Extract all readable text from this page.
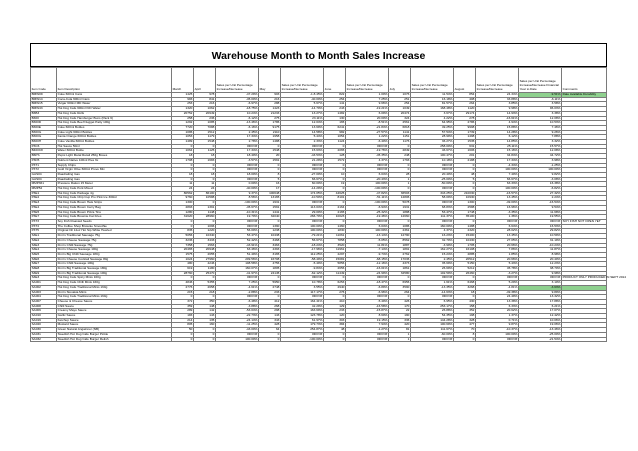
Warehouse Month to Month Sales Increase
Item Code	Item Description	March	April	Sales per Unit Percentage Increase/Decrease	May	Sales per Unit Percentage Increase/Decrease	June	Sales per Unit Percentage Increase/Decrease	July	Sales per Unit Percentage Increase/Decrease	August	Sales per Unit Percentage Increase/Decrease	Sales per Unit Percentage Increase/Decrease Financial Year to Date	Comments
BMW09	Coke 600ml Cans	1425	978	-47.29%	903	-1.8.45%	822	1.00%	1076	11.54%	854	24.34%	-9.51%	Date Available Durability
BMW14	Coca-Cola 600ml Cans	983	841	-45.00%	216	-40.00%	254	7.25%	251	16.18%	408	33.88%	-6.11%	
BMW15	Vulgar 600ml MD Water	253	216	-6.97%	288	5.67%	141	9.66%	254	81.57%	264	3.85%	3.58%	
BMW43	Hot Dog Cafe 600ml KID Water	1320	1062	-18.75%	1423	-14.70%	243	-19.21%	1049	168.48%	1120	9.98%	96.03%	
B3B3	Hot Dog Cafe Rolls	20752	20949	10.24%	21233	13.27%	1482	6.09%	20474	3.67%	29174	14.93%	3.38%	
B300	Hot Dog Cafe Hamburger Buns (Pack 6)	258	236	-6.12%	275	23.11%	130	20.00%	324	4.22%	278	-16.61%	12.08%	
B300D	Hot Dog Cafe Beef Nugget Patty 100g	1292	1085	-13.46%	1786	12.04%	165	-8.51%	2561	64.95%	2786	4.94%	10.53%	
B300E	Coke 600ml Bottles	7720	7088	-6.16%	9175	13.69%	6241	-21.84%	6818	49.25%	9998	15.88%	7.46%	
B300G	Coke Light 600ml Bottles	1086	1512	2.45%	2110	14.58%	982	-27.57%	1141	57.54%	1739	14.28%	9.26%	
B300G	Fanta Orange 600ml Bottles	1053	1179	17.34%	1958	5.44%	1054	1.22%	1151	28.99%	1498	6.12%	7.88%	
B300H	Coke Vanilla 600ml Bottles	1489	1548	2.78%	1488	2.33%	1124	-6.40%	1176	36.27%	1535	14.85%	3.32%	
P3C6	Hot Sauce 50ml	0	0	#DIV/0!	0	#DIV/0!	0	#DIV/0!	0	258.00%	631	25.11%	15.57%	
B400C8	Water 600ml Bottle	1064	1125	17.34%	1548	15.63%	2065	-19.76%	2849	46.67%	1606	15.16%	12.08%	
B6PS	Pepsi Light Metal Retail 250g Boxes	18	18	18.40%	20	-43.53%	128	-45.35%	248	100.47%	201	34.84%	44.72%	
P3D5	Nutrient Native 100ml Pies 6x	1708	1683	-3.57%	1591	21.29%	1572	4.37%	1793	10.18%	2188	17.34%	3.98%	
P3T1	Supply Chips	0	0	#DIV/0!	0	#DIV/0!	0	#DIV/0!	0	#DIV/0!	0	-4.34%	-1.25%	
P3T2	Gold Virgin Olive 600ml Prove Mix	0	0	#DIV/0!	0	#DIV/0!	0	#DIV/0!	0	#DIV/0!	0	100.00%	100.00%	
GAS04	Roadrailing Gas	18	18	18.00%	8	-27.00%	10	6.04%	28	20.40%	48	7.40%	9.82%	
GAS04	Roadrailing Gas	0	0	#DIV/0!	5	66.67%	0	-20.43%	1	-25.00%	5	66.67%	-3.08%	
MMP361	Pressure Ration 15 Meter	11	11	0.00%	16	60.00%	19	100.00%	1	-50.00%	0	63.33%	16.38%	
MMP52	Hot Dog Cafe Pork Mixed	24	24	-40.00%	17	-14.29%	0	-100.00%	0	#DIV/0!	0	100.00%	-6.82%	
P3E1	Hot Dog Cafe Package 4g	80562	86100	9.37%	100648	174.05%	44625	-47.82%	36503	343.25%	210030	-16.57%	27.32%	
P3E2	Hot Dog Cafe Chip Cup Pro Pink Ice 300ml	9760	10588	8.56%	13165	-10.50%	8101	-51.11%	12806	58.09%	10930	13.45%	2.24%	
P3E3	Hot Dog Cafe Brown Hats Strips	1300	0	-100.00%	1931	#DIV/0!	0	-100.00%	5078	#DIV/0!	1300	-49.00%	-16.54%	
P3E4	Hot Dog Cafe Brown Carry Bag	2893	1391	-45.67%	1591	113.04%	2164	-6.94%	1931	68.83%	2588	16.96%	9.54%	
P3E5	Hot Dog Cafe Brown Pizza Tins	1280	1148	-10.31%	1441	29.00%	2165	-25.32%	1888	53.47%	1748	-3.35%	11.68%	
P3E7	Hot Dog Cafe Brownie Fat Fries	31620	28960	19.70%	32040	266.70%	10023	-19.46%	12660	111.37%	35100	1.36%	19.55%	
P3T3	Soy Fish Roasted Seeds	0	0	#DIV/0!	0	#DIV/0!	0	#DIV/0!	0	#DIV/0!	0	#DIV/0!	#DIV/0!	SOY FISH NOT OPEN YET
P3T4	The Coffee Shop Brownie Smoothie	0	1096	#DIV/0!	1390	100.00%	1460	6.04%	1086	160.00%	1488	6.64%	16.53%	
P3T5	Original Oil 12oz Hot Sip White Hewled	835	1220	56.00%	1238	100.00%	1830	100.00%	2361	4.37%	2320	28.02%	29.82%	
S3E1	Finn's Traditional Sausage 75g	5056	10340	53.47%	10438	-79.21%	11061	-13.14%	12790	16.23%	15400	13.45%	10.59%	
S3E2	Finn's Cheese Sausage 75g	3236	3433	52.42%	3468	56.67%	7858	-5.05%	8562	32.70%	10430	27.05%	31.19%	
S3E3	Finn's Chilli Sausage 75g	7358	1563	-43.91%	3463	-18.24%	3520	11.81%	1887	-3.99%	1705	20.66%	-10.24%	
S3E4	Finn's Cheese Sausage 100g	20465	20948	63.46%	4393	-17.96%	11961	-7.14%	1891	162.27%	16108	7.86%	11.87%	
S3E5	Finn's Big Chilli Sausage 180g	1575	2655	51.49%	3165	112.25%	2297	-9.74%	2762	15.24%	2885	1.85%	8.98%	
S3E6	Finn's Cheese Cocktail Sausage 80g	1024	27960	209.56%	16708	-58.49%	15081	-68.15%	17036	2.45%	20512	20.66%	20.40%	
S3E7	Finn's Chilli Sausage 100g	480	4246	108.58%	4756	-5.49%	5856	-12.16%	4373	35.69%	5150	5.43%	12.23%	
S3E8	Finn's Big Traditional Sausage 180g	619	1180	160.07%	1805	-9.84%	2656	-16.01%	1861	26.69%	5212	45.78%	38.70%	
S3E9	Finn's Big Traditional Sausage 100g	28760	25470	-41.97%	24145	-62.12%	11449	-24.99%	32580	102.59%	26460	-3.27%	9.98%	
S3E3	Hot Dog Cafe Spicy Minis 160g	0	0	#DIV/0!	0	#DIV/0!	0	#DIV/0!	0	#DIV/0!	0	#DIV/0!	#DIV/0!	PRODUCT ONLY PRODUCED IN SEPT 2014
SA001	Hot Dog Cafe Chilli Minis 160g	4846	5355	7.25%	5950	10.78%	6253	-18.47%	6956	1.61%	6468	5.20%	3.10%	
SA002	Hot Dog Cafe Traditional Minis 160g	2776	2658	-4.61%	2748	3.55%	2940	-6.89%	3590	-13.35%	3268	-4.81%	-3.63%	
SA003	Finn's Slovakia Minis	215	218	-2.88%	233	117.17%	276	-6.96%	264	-14.63%	18	-49.38%	9.89%	
SA004	Hot Dog Cafe Traditional Minis 160g	0	0	#DIV/0!	0	#DIV/0!	0	#DIV/0!	0	#DIV/0!	0	24.49%	13.32%	
SA007	Cheese & Cheese Sauce	372	350	-6.48%	412	164.41%	410	-5.49%	426	6.95%	430	13.38%	17.88%	
SA008	Chilli Sauce	359	148	-3.88%	268	42.29%	129	-16.58%	170	253.17%	158	6.33%	6.21%	
SA009	Creamy Mayo Sauce	289	142	-53.04%	298	163.69%	233	-15.87%	22	26.88%	352	20.62%	17.07%	
SA010	Garlic Sauce	183	143	-22.73%	143	123.78%	120	8.60%	190	54.35%	198	1.37%	12.42%	
SA019	Ketchup Sauce	214	135	-24.14%	343	61.97%	303	19.15%	336	144.28%	328	0.71%	10.06%	
SA020	Mustard Sauce	805	160	-11.25%	428	179.73%	384	7.94%	420	100.69%	477	9.87%	19.06%	
SA030	Green Natural Angainner (NB)	50	0	-43.00%	64	254.87%	48	-1.27%	81	111.67%	70	-10.37%	-13.46%	
SA031	Swedish Hot Dog Cafe Burger Pickle	0	0	#DIV/0!	0	#DIV/0!	0	#DIV/0!	1	-60.00%	8	100.00%	-25.00%	
SA032	Swedish Hot Dog Cafe Burger Relish	0	0	100.00%	0	-100.00%	0	#DIV/0!	1	#DIV/0!	0	#DIV/0!	-21.54%	
